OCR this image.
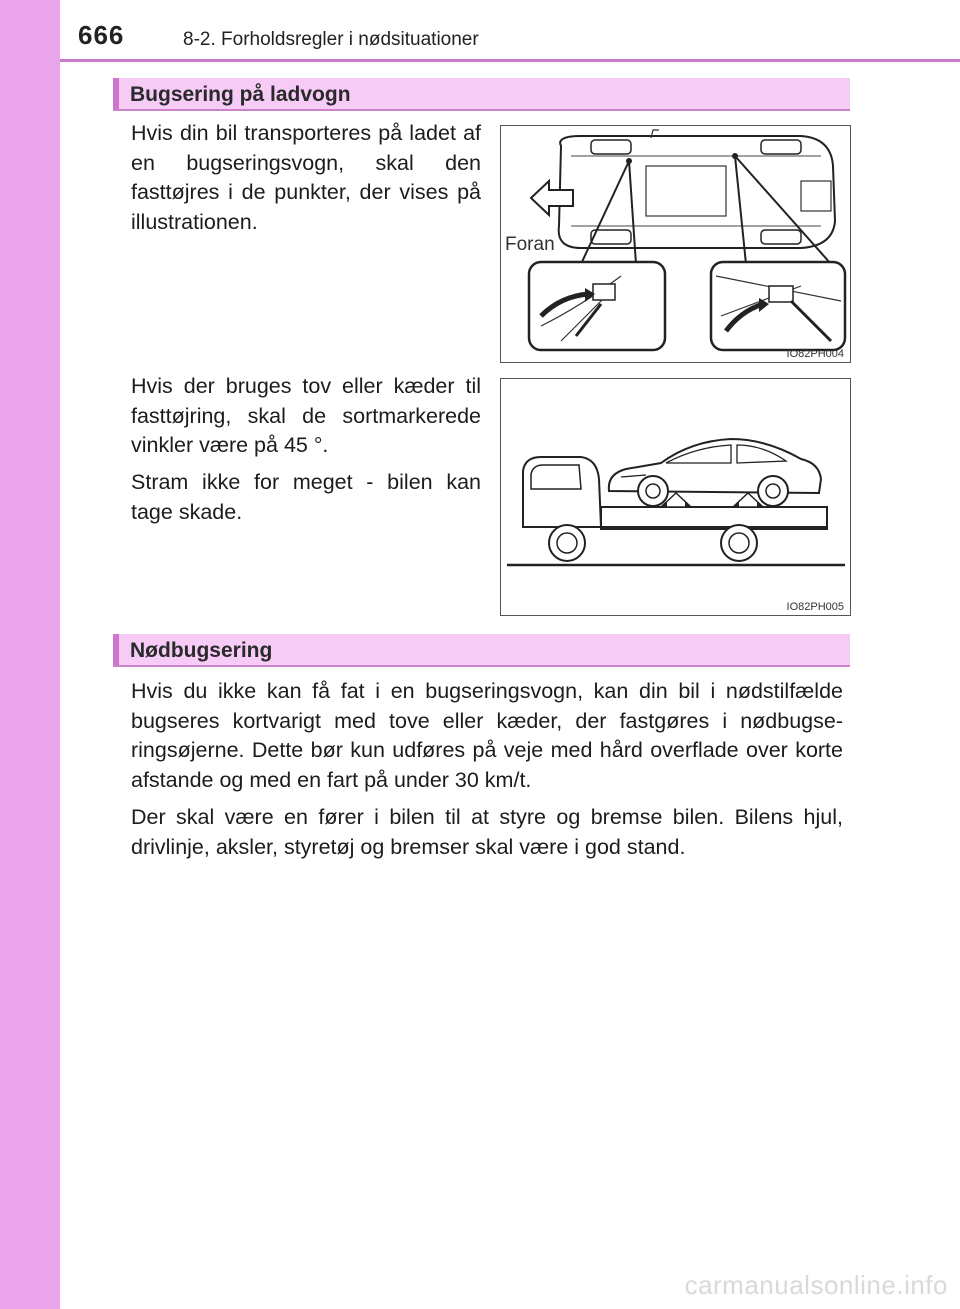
666	8-2. Forholdsregler i nødsituationer
Bugsering på ladvogn
Hvis din bil transporteres på ladet af en bugseringsvogn, skal den fasttøjres i de punkter, der vises på illustrationen.
Hvis der bruges tov eller kæder til fasttøjring, skal de sortmarkerede vinkler være på 45 °.
Stram ikke for meget - bilen kan tage skade.
Foran
IO82PH004
IO82PH005
Nødbugsering
Hvis du ikke kan få fat i en bugseringsvogn, kan din bil i nødstilfælde bugseres kortvarigt med tove eller kæder, der fastgøres i nødbugse-ringsøjerne. Dette bør kun udføres på veje med hård overflade over korte afstande og med en fart på under 30 km/t.
Der skal være en fører i bilen til at styre og bremse bilen. Bilens hjul, drivlinje, aksler, styretøj og bremser skal være i god stand.
carmanualsonline.info
